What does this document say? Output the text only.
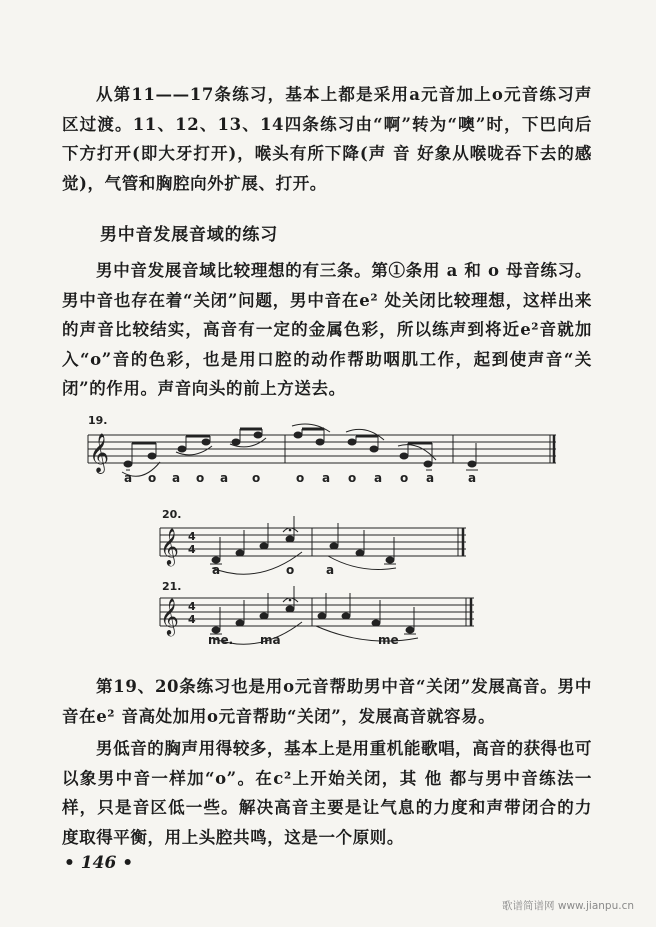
从第11——17条练习，基本上都是采用a元音加上o元音练习声区过渡。11、12、13、14四条练习由“啊”转为“噢”时，下巴向后下方打开(即大牙打开)，喉头有所下降(声 音 好象从喉咙吞下去的感觉)，气管和胸腔向外扩展、打开。

男中音发展音域的练习

男中音发展音域比较理想的有三条。第①条用 a 和 o 母音练习。男中音也存在着“关闭”问题，男中音在e² 处关闭比较理想，这样出来的声音比较结实，高音有一定的金属色彩，所以练声到将近e²音就加入“o”音的色彩，也是用口腔的动作帮助咽肌工作，起到使声音“关闭”的作用。声音向头的前上方送去。

19.
𝄞
a o a o a o	o a o a o a	a
20.
𝄞 4
4
a	o	a
21.
𝄞 4
4
me. ma	me

第19、20条练习也是用o元音帮助男中音“关闭”发展高音。男中音在e² 音高处加用o元音帮助“关闭”，发展高音就容易。

男低音的胸声用得较多，基本上是用重机能歌唱，高音的获得也可以象男中音一样加“o”。在c²上开始关闭，其 他 都与男中音练法一样，只是音区低一些。解决高音主要是让气息的力度和声带闭合的力度取得平衡，用上头腔共鸣，这是一个原则。

• 146 •
歌谱简谱网 www.jianpu.cn
